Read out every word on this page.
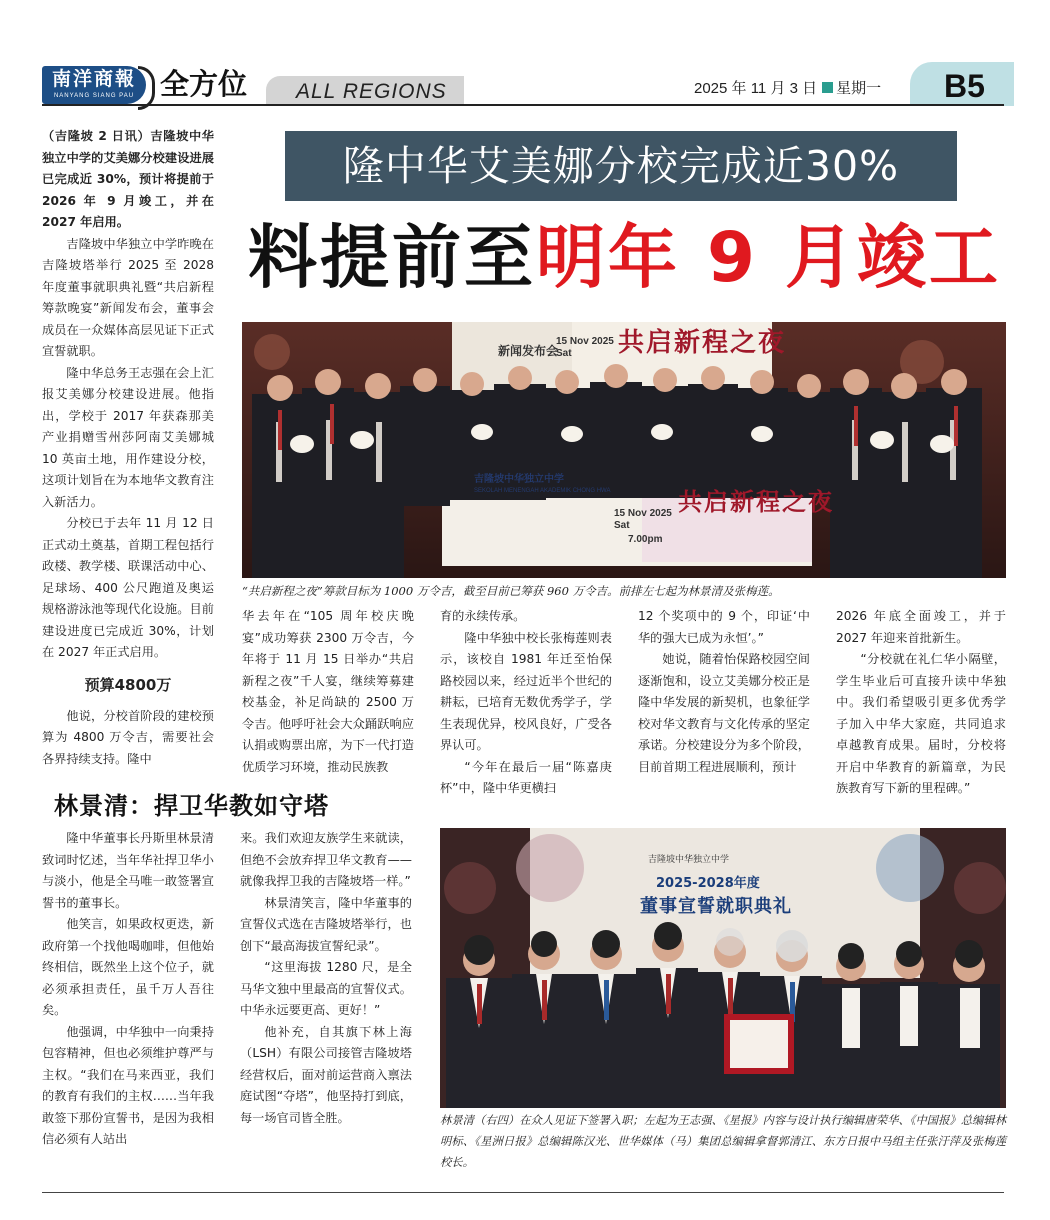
南洋商報
NANYANG SIANG PAU 全方位 ALL REGIONS	2025 年 11 月 3 日 星期一 B5
隆中华艾美娜分校完成近30%
料提前至明年 9 月竣工

（吉隆坡 2 日讯）吉隆坡中华独立中学的艾美娜分校建设进展已完成近 30%，预计将提前于 2026 年 9 月竣工，并在 2027 年启用。

吉隆坡中华独立中学昨晚在吉隆坡塔举行 2025 至 2028 年度董事就职典礼暨“共启新程筹款晚宴”新闻发布会，董事会成员在一众媒体高层见证下正式宣誓就职。

隆中华总务王志强在会上汇报艾美娜分校建设进展。他指出，学校于 2017 年获森那美产业捐赠雪州莎阿南艾美娜城 10 英亩土地，用作建设分校，这项计划旨在为本地华文教育注入新活力。

分校已于去年 11 月 12 日正式动土奠基，首期工程包括行政楼、教学楼、联课活动中心、足球场、400 公尺跑道及奥运规格游泳池等现代化设施。目前建设进度已完成近 30%，计划在 2027 年正式启用。

预算4800万

他说，分校首阶段的建校预算为 4800 万令吉，需要社会各界持续支持。隆中

新闻发布会 共启新程之夜
15 Nov 2025 Sat
吉隆坡中华独立中学
SEKOLAH MENENGAH AKADEMIK CHONG HWA	共启新程之夜
15 Nov 2025 Sat
7.00pm
“共启新程之夜”筹款目标为 1000 万令吉，截至目前已筹获 960 万令吉。前排左七起为林景清及张梅莲。

华去年在“105 周年校庆晚宴”成功筹获 2300 万令吉，今年将于 11 月 15 日举办“共启新程之夜”千人宴，继续筹募建校基金，补足尚缺的 2500 万令吉。他呼吁社会大众踊跃响应认捐或购票出席，为下一代打造优质学习环境，推动民族教

育的永续传承。

隆中华独中校长张梅莲则表示，该校自 1981 年迁至怡保路校园以来，经过近半个世纪的耕耘，已培育无数优秀学子，学生表现优异，校风良好，广受各界认可。

“今年在最后一届“陈嘉庚杯”中，隆中华更横扫

12 个奖项中的 9 个，印证‘中华的强大已成为永恒’。”

她说，随着怡保路校园空间逐渐饱和，设立艾美娜分校正是隆中华发展的新契机，也象征学校对华文教育与文化传承的坚定承诺。分校建设分为多个阶段，目前首期工程进展顺利，预计

2026 年底全面竣工，并于 2027 年迎来首批新生。

“分校就在礼仁华小隔壁，学生毕业后可直接升读中华独中。我们希望吸引更多优秀学子加入中华大家庭，共同追求卓越教育成果。届时，分校将开启中华教育的新篇章，为民族教育写下新的里程碑。”

林景清：捍卫华教如守塔

隆中华董事长丹斯里林景清致词时忆述，当年华社捍卫华小与淡小，他是全马唯一敢签署宣誓书的董事长。

他笑言，如果政权更迭，新政府第一个找他喝咖啡，但他始终相信，既然坐上这个位子，就必须承担责任，虽千万人吾往矣。

他强调，中华独中一向秉持包容精神，但也必须维护尊严与主权。“我们在马来西亚，我们的教育有我们的主权……当年我敢签下那份宣誓书，是因为我相信必须有人站出

来。我们欢迎友族学生来就读，但绝不会放弃捍卫华文教育——就像我捍卫我的吉隆坡塔一样。”

林景清笑言，隆中华董事的宣誓仪式选在吉隆坡塔举行，也创下“最高海拔宣誓纪录”。

“这里海拔 1280 尺，是全马华文独中里最高的宣誓仪式。中华永远要更高、更好！”

他补充，自其旗下林上海（LSH）有限公司接管吉隆坡塔经营权后，面对前运营商入禀法庭试图“夺塔”，他坚持打到底，每一场官司皆全胜。

吉隆坡中华独立中学
2025-2028年度
董事宣誓就职典礼
林景清（右四）在众人见证下签署入职；左起为王志强、《星报》内容与设计执行编辑唐荣华、《中国报》总编辑林明标、《星洲日报》总编辑陈汉光、世华媒体（马）集团总编辑拿督郭清江、东方日报中马组主任张汙萍及张梅莲校长。
